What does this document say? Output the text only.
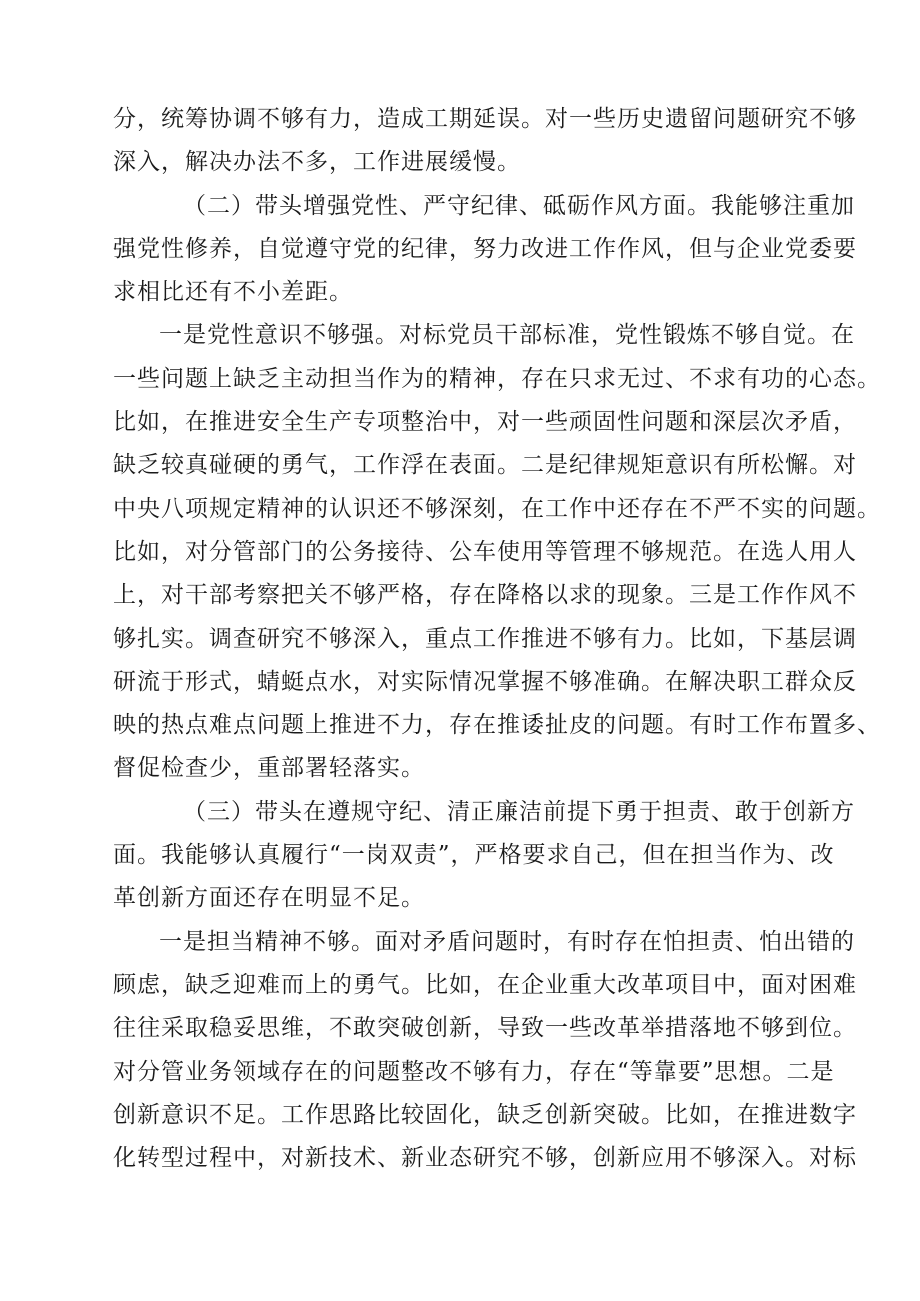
分，统筹协调不够有力，造成工期延误。对一些历史遗留问题研究不够
深入，解决办法不多，工作进展缓慢。
（二）带头增强党性、严守纪律、砥砺作风方面。我能够注重加
强党性修养，自觉遵守党的纪律，努力改进工作作风，但与企业党委要
求相比还有不小差距。
一是党性意识不够强。对标党员干部标准，党性锻炼不够自觉。在
一些问题上缺乏主动担当作为的精神，存在只求无过、不求有功的心态。
比如，在推进安全生产专项整治中，对一些顽固性问题和深层次矛盾，
缺乏较真碰硬的勇气，工作浮在表面。二是纪律规矩意识有所松懈。对
中央八项规定精神的认识还不够深刻，在工作中还存在不严不实的问题。
比如，对分管部门的公务接待、公车使用等管理不够规范。在选人用人
上，对干部考察把关不够严格，存在降格以求的现象。三是工作作风不
够扎实。调查研究不够深入，重点工作推进不够有力。比如，下基层调
研流于形式，蜻蜓点水，对实际情况掌握不够准确。在解决职工群众反
映的热点难点问题上推进不力，存在推诿扯皮的问题。有时工作布置多、
督促检查少，重部署轻落实。
（三）带头在遵规守纪、清正廉洁前提下勇于担责、敢于创新方
面。我能够认真履行“一岗双责”，严格要求自己，但在担当作为、改
革创新方面还存在明显不足。
一是担当精神不够。面对矛盾问题时，有时存在怕担责、怕出错的
顾虑，缺乏迎难而上的勇气。比如，在企业重大改革项目中，面对困难
往往采取稳妥思维，不敢突破创新，导致一些改革举措落地不够到位。
对分管业务领域存在的问题整改不够有力，存在“等靠要”思想。二是
创新意识不足。工作思路比较固化，缺乏创新突破。比如，在推进数字
化转型过程中，对新技术、新业态研究不够，创新应用不够深入。对标
